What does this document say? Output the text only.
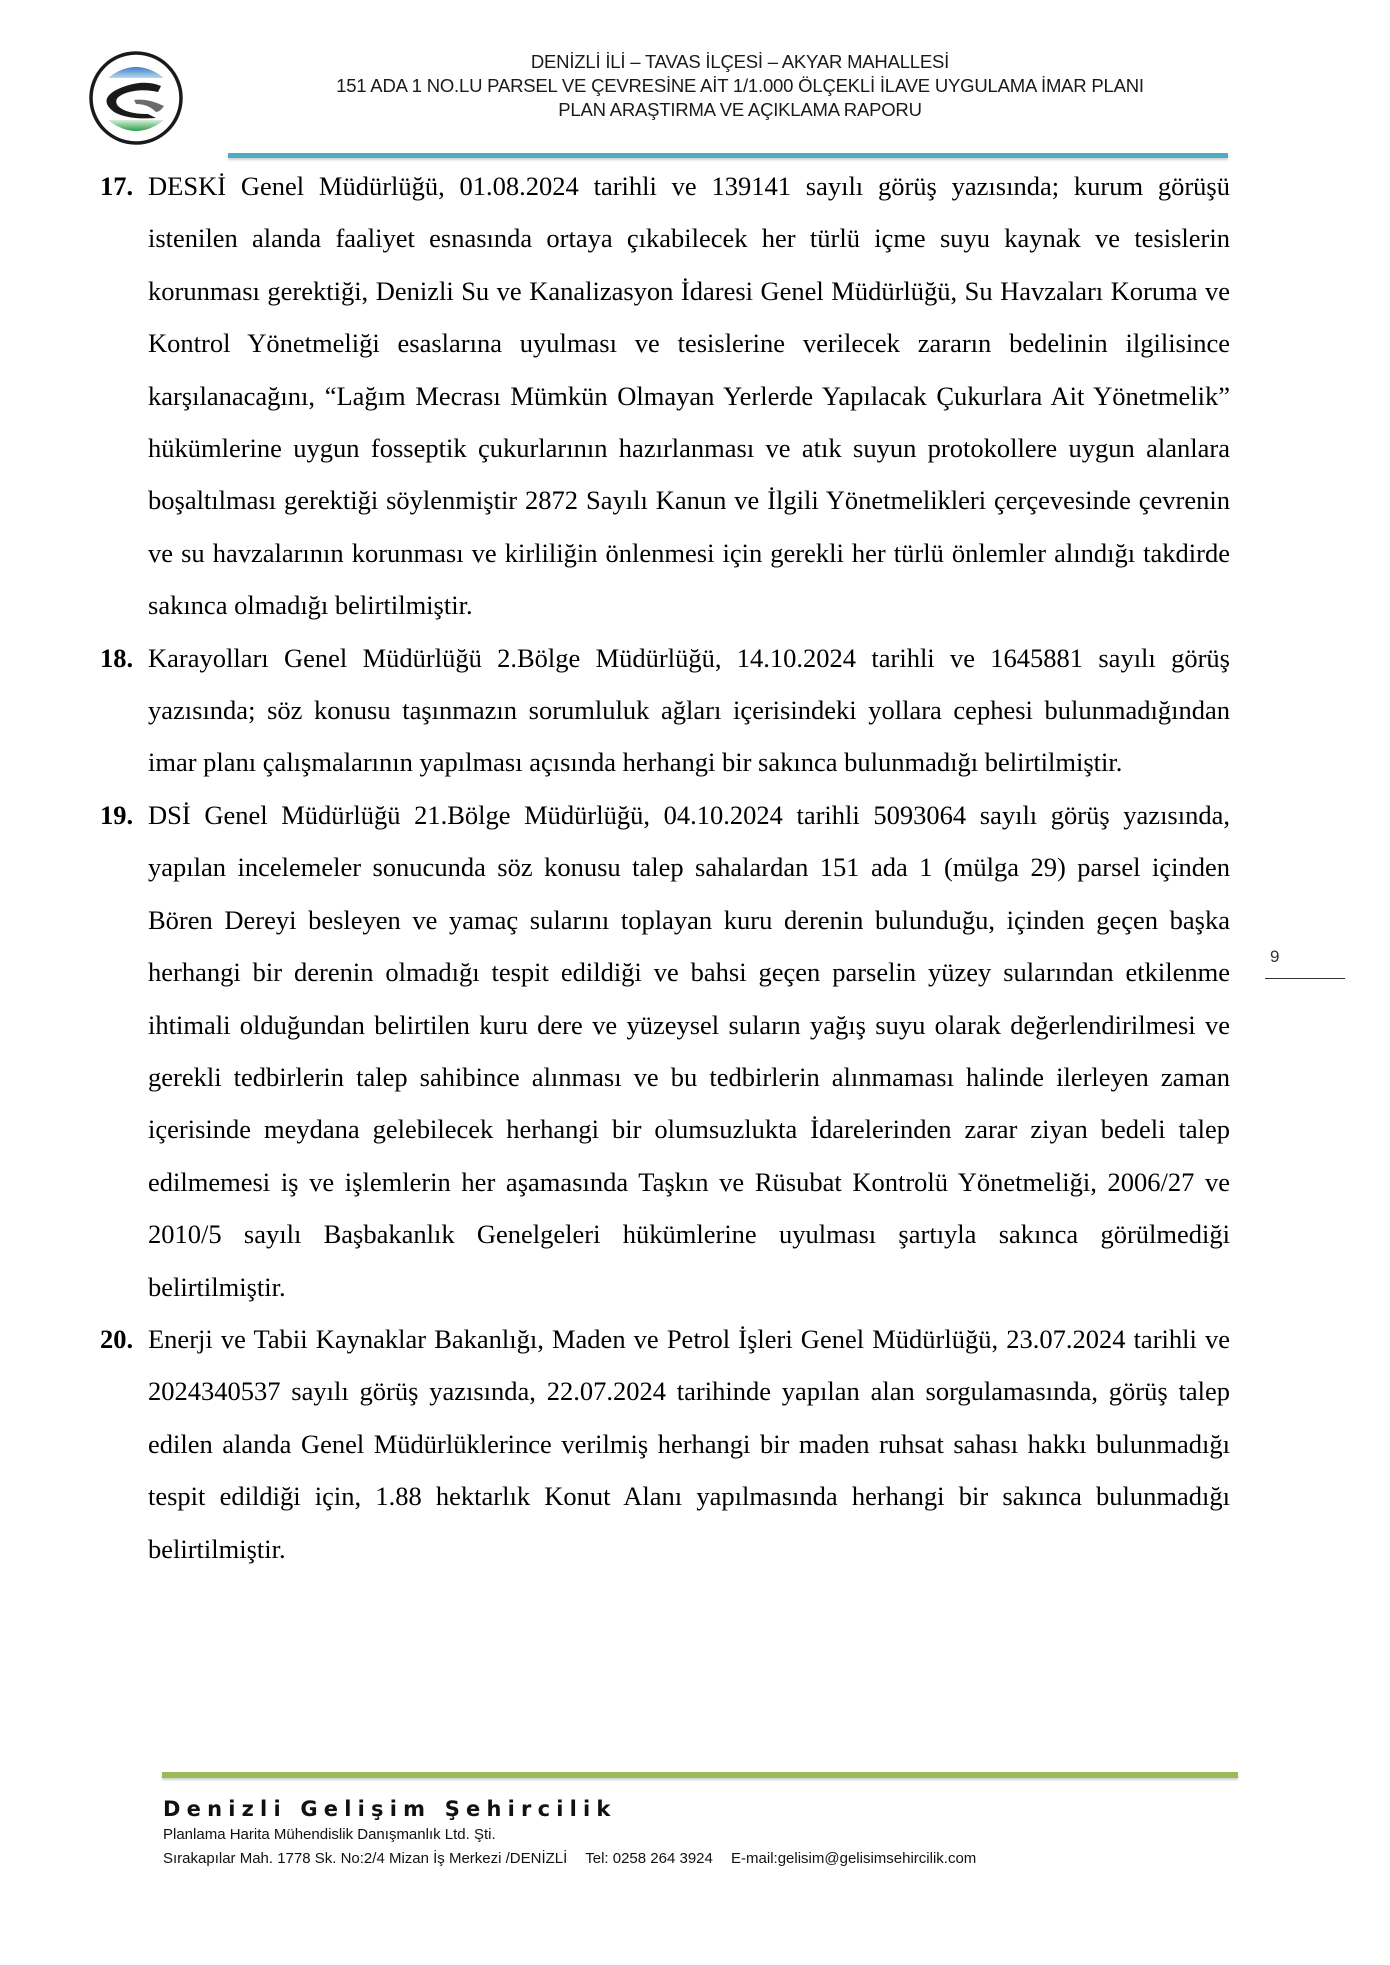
DENİZLİ İLİ – TAVAS İLÇESİ – AKYAR MAHALLESİ
151 ADA 1 NO.LU PARSEL VE ÇEVRESİNE AİT 1/1.000 ÖLÇEKLİ İLAVE UYGULAMA İMAR PLANI
PLAN ARAŞTIRMA VE AÇIKLAMA RAPORU
17. DESKİ Genel Müdürlüğü, 01.08.2024 tarihli ve 139141 sayılı görüş yazısında; kurum görüşü istenilen alanda faaliyet esnasında ortaya çıkabilecek her türlü içme suyu kaynak ve tesislerin korunması gerektiği, Denizli Su ve Kanalizasyon İdaresi Genel Müdürlüğü, Su Havzaları Koruma ve Kontrol Yönetmeliği esaslarına uyulması ve tesislerine verilecek zararın bedelinin ilgilisince karşılanacağını, “Lağım Mecrası Mümkün Olmayan Yerlerde Yapılacak Çukurlara Ait Yönetmelik” hükümlerine uygun fosseptik çukurlarının hazırlanması ve atık suyun protokollere uygun alanlara boşaltılması gerektiği söylenmiştir 2872 Sayılı Kanun ve İlgili Yönetmelikleri çerçevesinde çevrenin ve su havzalarının korunması ve kirliliğin önlenmesi için gerekli her türlü önlemler alındığı takdirde sakınca olmadığı belirtilmiştir.
18. Karayolları Genel Müdürlüğü 2.Bölge Müdürlüğü, 14.10.2024 tarihli ve 1645881 sayılı görüş yazısında; söz konusu taşınmazın sorumluluk ağları içerisindeki yollara cephesi bulunmadığından imar planı çalışmalarının yapılması açısında herhangi bir sakınca bulunmadığı belirtilmiştir.
19. DSİ Genel Müdürlüğü 21.Bölge Müdürlüğü, 04.10.2024 tarihli 5093064 sayılı görüş yazısında, yapılan incelemeler sonucunda söz konusu talep sahalardan 151 ada 1 (mülga 29) parsel içinden Bören Dereyi besleyen ve yamaç sularını toplayan kuru derenin bulunduğu, içinden geçen başka herhangi bir derenin olmadığı tespit edildiği ve bahsi geçen parselin yüzey sularından etkilenme ihtimali olduğundan belirtilen kuru dere ve yüzeysel suların yağış suyu olarak değerlendirilmesi ve gerekli tedbirlerin talep sahibince alınması ve bu tedbirlerin alınmaması halinde ilerleyen zaman içerisinde meydana gelebilecek herhangi bir olumsuzlukta İdarelerinden zarar ziyan bedeli talep edilmemesi iş ve işlemlerin her aşamasında Taşkın ve Rüsubat Kontrolü Yönetmeliği, 2006/27 ve 2010/5 sayılı Başbakanlık Genelgeleri hükümlerine uyulması şartıyla sakınca görülmediği belirtilmiştir.
20. Enerji ve Tabii Kaynaklar Bakanlığı, Maden ve Petrol İşleri Genel Müdürlüğü, 23.07.2024 tarihli ve 2024340537 sayılı görüş yazısında, 22.07.2024 tarihinde yapılan alan sorgulamasında, görüş talep edilen alanda Genel Müdürlüklerince verilmiş herhangi bir maden ruhsat sahası hakkı bulunmadığı tespit edildiği için, 1.88 hektarlık Konut Alanı yapılmasında herhangi bir sakınca bulunmadığı belirtilmiştir.
9
Denizli Gelişim Şehircilik
Planlama Harita Mühendislik Danışmanlık Ltd. Şti.
Sırakapılar Mah. 1778 Sk. No:2/4 Mizan İş Merkezi /DENİZLİ Tel: 0258 264 3924 E-mail:gelisim@gelisimsehircilik.com
